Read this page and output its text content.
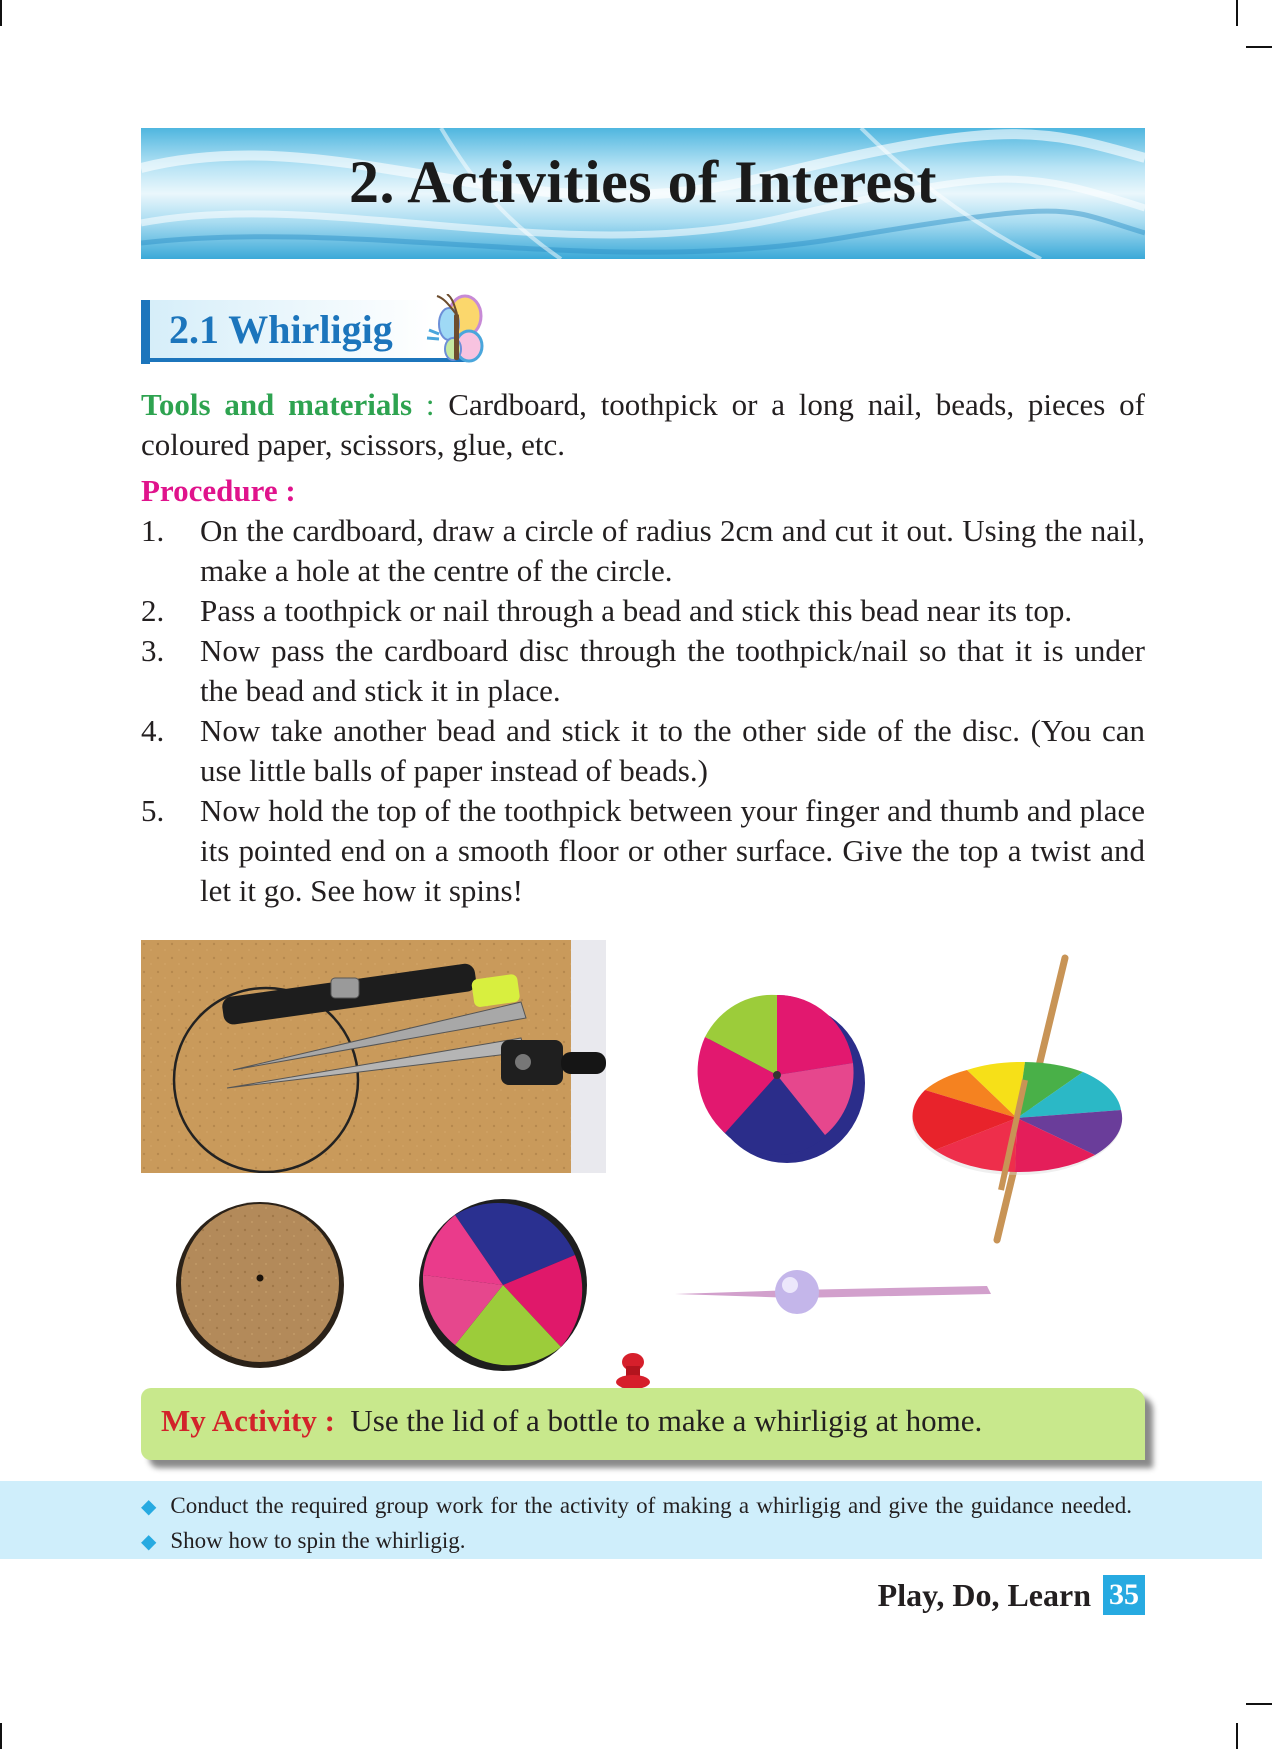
2. Activities of Interest
2.1 Whirligig
Tools and materials : Cardboard, toothpick or a long nail, beads, pieces of coloured paper, scissors, glue, etc.
Procedure :
1. On the cardboard, draw a circle of radius 2cm and cut it out. Using the nail, make a hole at the centre of the circle.
2. Pass a toothpick or nail through a bead and stick this bead near its top.
3. Now pass the cardboard disc through the toothpick/nail so that it is under the bead and stick it in place.
4. Now take another bead and stick it to the other side of the disc. (You can use little balls of paper instead of beads.)
5. Now hold the top of the toothpick between your finger and thumb and place its pointed end on a smooth floor or other surface. Give the top a twist and let it go. See how it spins!
My Activity : Use the lid of a bottle to make a whirligig at home.
◆ Conduct the required group work for the activity of making a whirligig and give the guidance needed.  ◆ Show how to spin the whirligig.
Play, Do, Learn 35
